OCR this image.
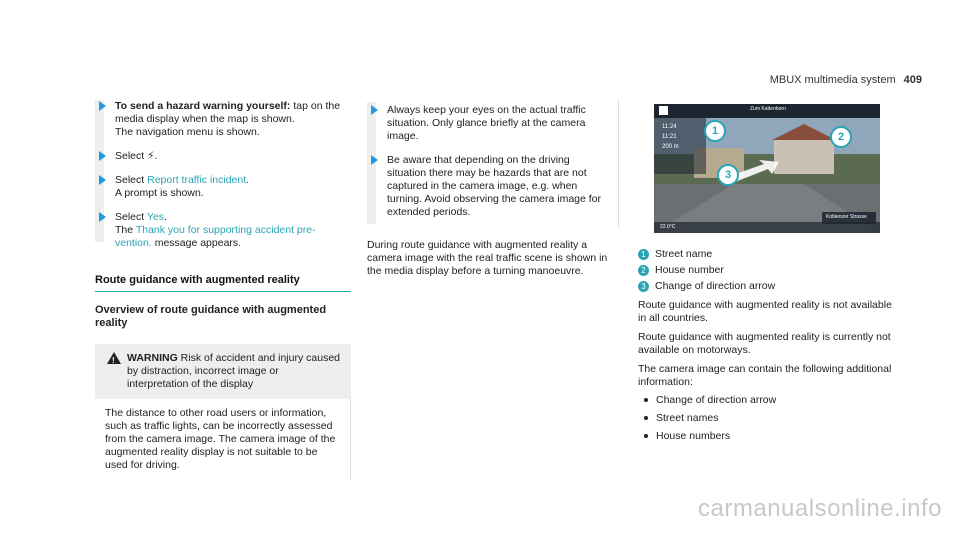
MBUX multimedia system 409
To send a hazard warning yourself: tap on the media display when the map is shown.
The navigation menu is shown.
Select ⚡.
Select Report traffic incident.
A prompt is shown.
Select Yes.
The Thank you for supporting accident pre-vention. message appears.
Route guidance with augmented reality
Overview of route guidance with augmented reality
! WARNING Risk of accident and injury caused by distraction, incorrect image or interpretation of the display
The distance to other road users or information, such as traffic lights, can be incorrectly assessed from the camera image. The camera image of the augmented reality display is not suitable to be used for driving.
Always keep your eyes on the actual traffic situation. Only glance briefly at the camera image.
Be aware that depending on the driving situation there may be hazards that are not captured in the camera image, e.g. when turning. Avoid observing the camera image for extended periods.
During route guidance with augmented reality a camera image with the real traffic scene is shown in the media display before a turning manoeuvre.
Zum Kattenborn
11:24
11:21
200 m
Koblenzer Strasse
22.0°C
1	2
3
1 Street name
2 House number
3 Change of direction arrow
Route guidance with augmented reality is not available in all countries.
Route guidance with augmented reality is currently not available on motorways.
The camera image can contain the following additional information:
Change of direction arrow
Street names
House numbers
carmanualsonline.info
